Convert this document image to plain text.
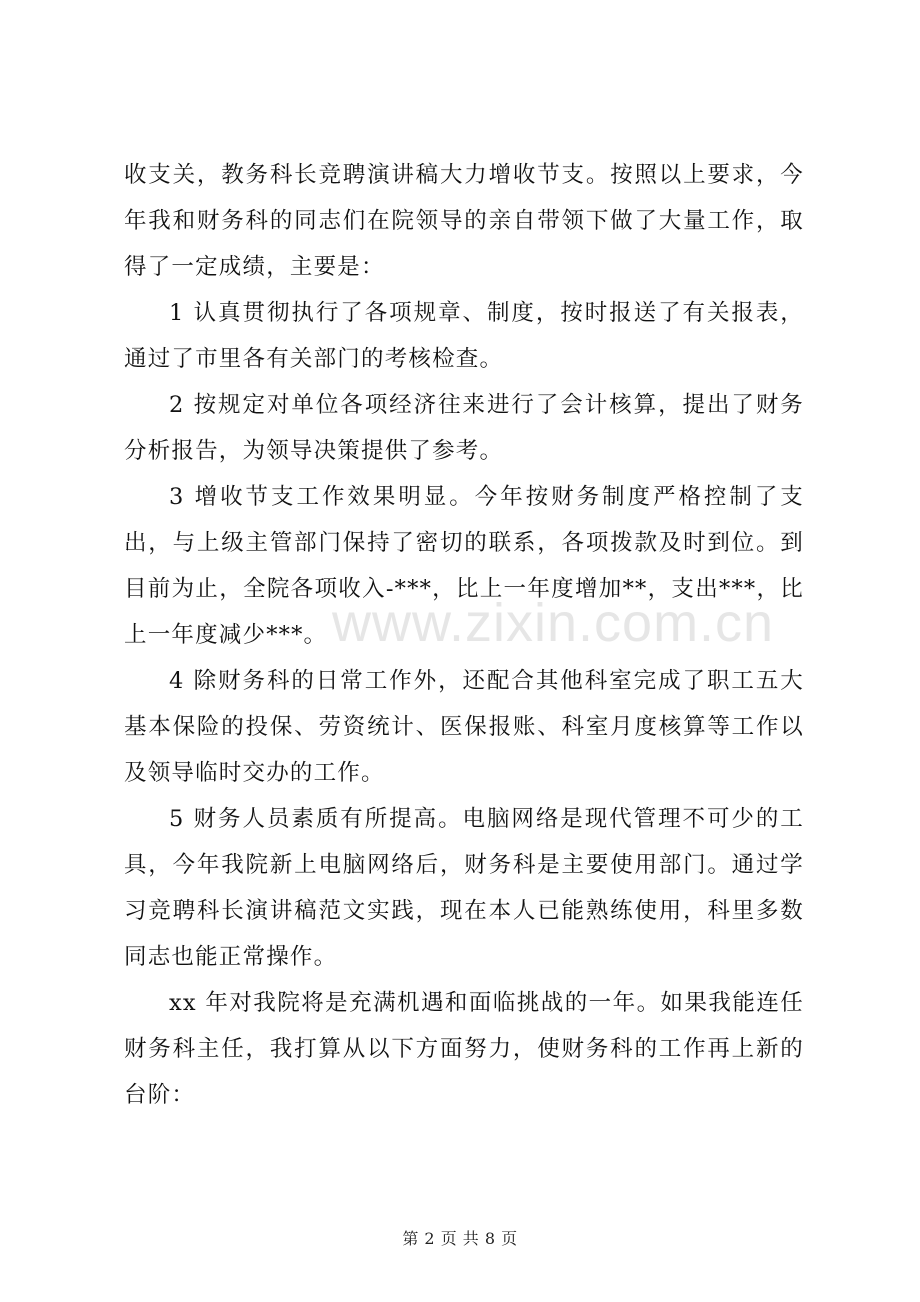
www.zixin.com.cn

收支关，教务科长竞聘演讲稿大力增收节支。按照以上要求，今年我和财务科的同志们在院领导的亲自带领下做了大量工作，取得了一定成绩，主要是：

1 认真贯彻执行了各项规章、制度，按时报送了有关报表，通过了市里各有关部门的考核检查。

2 按规定对单位各项经济往来进行了会计核算，提出了财务分析报告，为领导决策提供了参考。

3 增收节支工作效果明显。今年按财务制度严格控制了支出，与上级主管部门保持了密切的联系，各项拨款及时到位。到目前为止，全院各项收入-***，比上一年度增加**，支出***，比上一年度减少***。

4 除财务科的日常工作外，还配合其他科室完成了职工五大基本保险的投保、劳资统计、医保报账、科室月度核算等工作以及领导临时交办的工作。

5 财务人员素质有所提高。电脑网络是现代管理不可少的工具，今年我院新上电脑网络后，财务科是主要使用部门。通过学习竞聘科长演讲稿范文实践，现在本人已能熟练使用，科里多数同志也能正常操作。

xx 年对我院将是充满机遇和面临挑战的一年。如果我能连任财务科主任，我打算从以下方面努力，使财务科的工作再上新的台阶：

第 2 页 共 8 页
